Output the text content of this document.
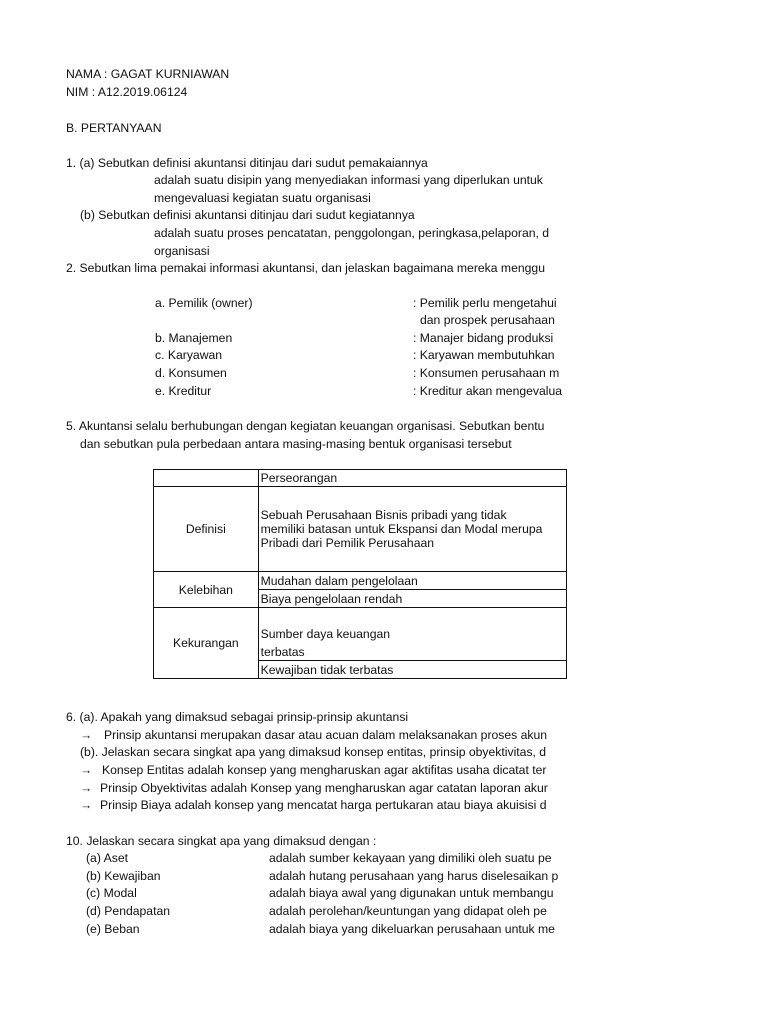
NAMA : GAGAT KURNIAWAN
NIM : A12.2019.06124
B. PERTANYAAN
1. (a) Sebutkan definisi akuntansi ditinjau dari sudut pemakaiannya
adalah suatu disipin yang menyediakan informasi yang diperlukan untuk
mengevaluasi kegiatan suatu organisasi
(b) Sebutkan definisi akuntansi ditinjau dari sudut kegiatannya
adalah suatu proses pencatatan, penggolongan, peringkasa,pelaporan, d
organisasi
2. Sebutkan lima pemakai informasi akuntansi, dan jelaskan bagaimana mereka menggu
a. Pemilik (owner)	: Pemilik perlu mengetahui
dan prospek perusahaan
b. Manajemen	: Manajer bidang produksi
c. Karyawan	: Karyawan membutuhkan
d. Konsumen	: Konsumen perusahaan m
e. Kreditur	: Kreditur akan mengevalua
5. Akuntansi selalu berhubungan dengan kegiatan keuangan organisasi. Sebutkan bentu
dan sebutkan pula perbedaan antara masing-masing bentuk organisasi tersebut
	Perseorangan
Definisi	Sebuah Perusahaan Bisnis pribadi yang tidak
memiliki batasan untuk Ekspansi dan Modal merupa
Pribadi dari Pemilik Perusahaan

Kelebihan	Mudahan dalam pengelolaan
	Biaya pengelolaan rendah
Kekurangan	Sumber daya keuangan
terbatas

	Kewajiban tidak terbatas
6. (a). Apakah yang dimaksud sebagai prinsip-prinsip akuntansi
→ Prinsip akuntansi merupakan dasar atau acuan dalam melaksanakan proses akun
(b). Jelaskan secara singkat apa yang dimaksud konsep entitas, prinsip obyektivitas, d
→ Konsep Entitas adalah konsep yang mengharuskan agar aktifitas usaha dicatat ter
→ Prinsip Obyektivitas adalah Konsep yang mengharuskan agar catatan laporan akur
→ Prinsip Biaya adalah konsep yang mencatat harga pertukaran atau biaya akuisisi d
10. Jelaskan secara singkat apa yang dimaksud dengan :
(a) Aset	adalah sumber kekayaan yang dimiliki oleh suatu pe
(b) Kewajiban	adalah hutang perusahaan yang harus diselesaikan p
(c) Modal	adalah biaya awal yang digunakan untuk membangu
(d) Pendapatan	adalah perolehan/keuntungan yang didapat oleh pe
(e) Beban	adalah biaya yang dikeluarkan perusahaan untuk me
